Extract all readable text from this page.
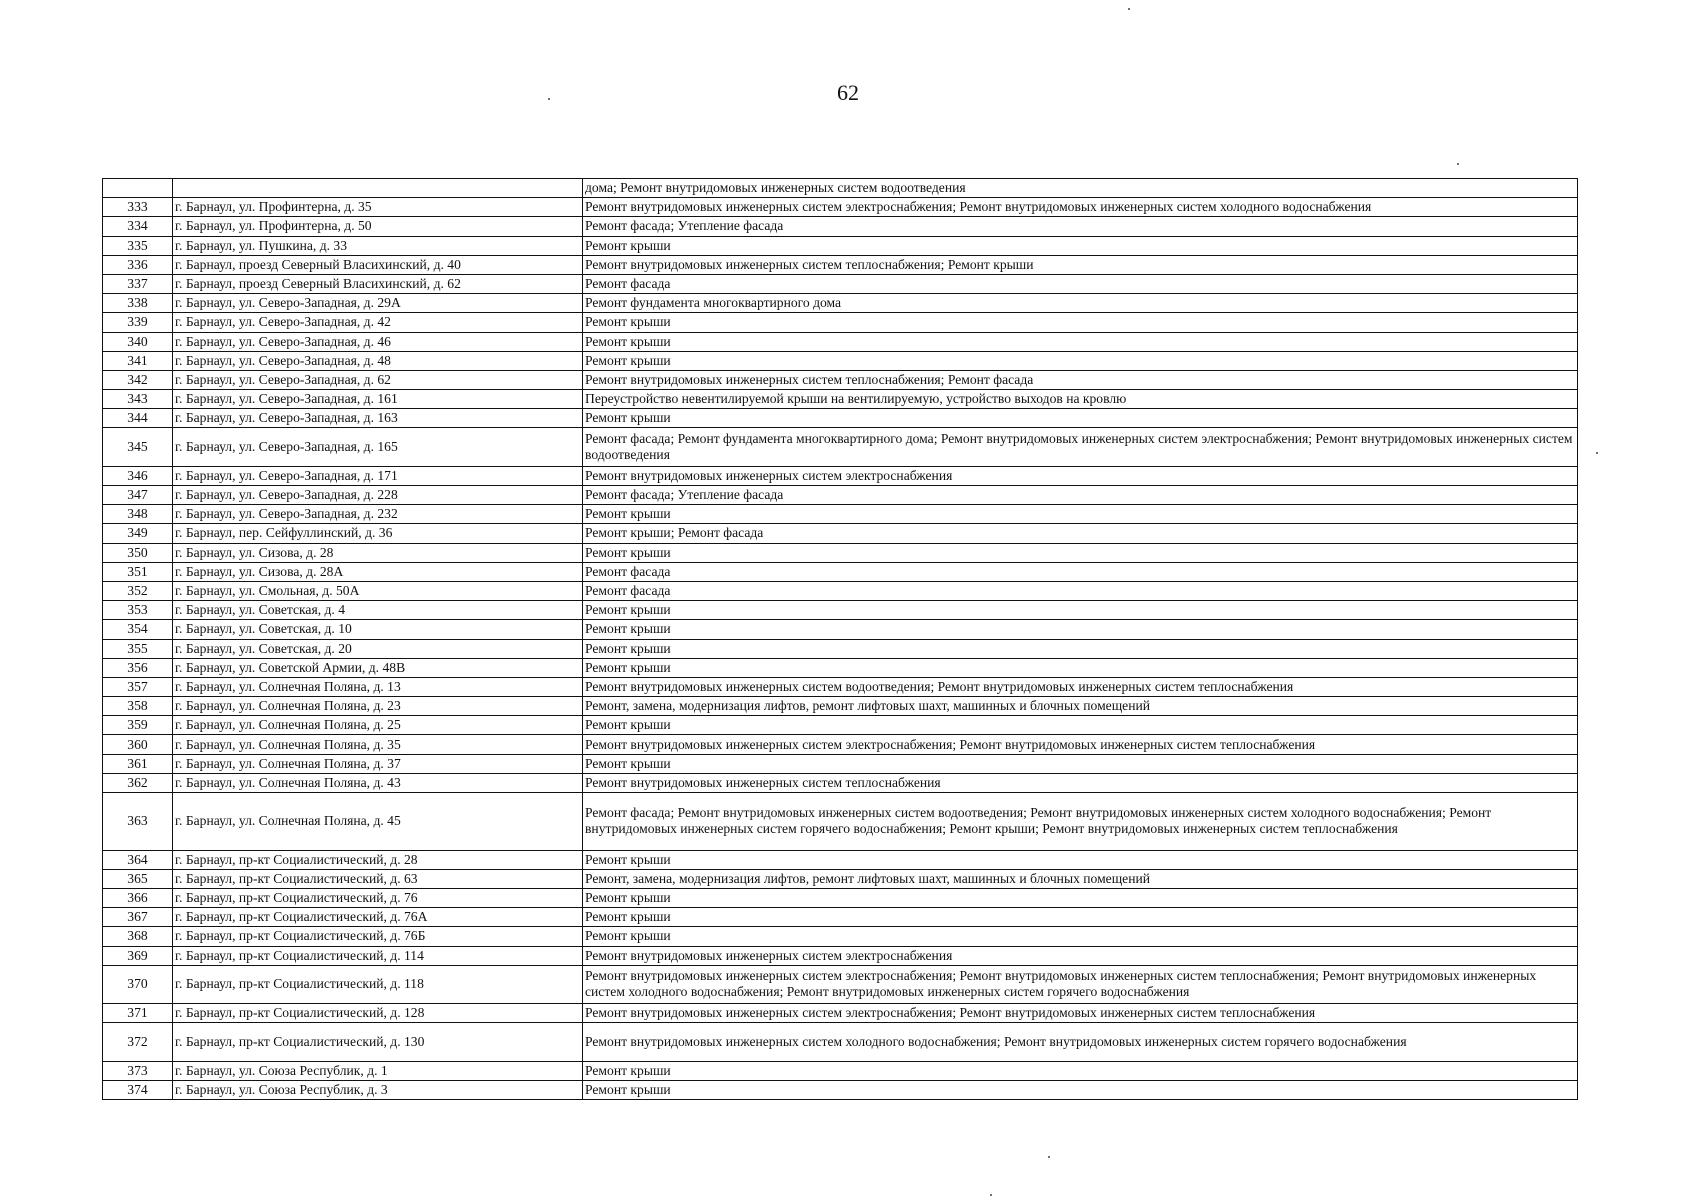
62
		дома; Ремонт внутридомовых инженерных систем водоотведения
333	г. Барнаул, ул. Профинтерна, д. 35	Ремонт внутридомовых инженерных систем электроснабжения; Ремонт внутридомовых инженерных систем холодного водоснабжения
334	г. Барнаул, ул. Профинтерна, д. 50	Ремонт фасада; Утепление фасада
335	г. Барнаул, ул. Пушкина, д. 33	Ремонт крыши
336	г. Барнаул, проезд Северный Власихинский, д. 40	Ремонт внутридомовых инженерных систем теплоснабжения; Ремонт крыши
337	г. Барнаул, проезд Северный Власихинский, д. 62	Ремонт фасада
338	г. Барнаул, ул. Северо-Западная, д. 29А	Ремонт фундамента многоквартирного дома
339	г. Барнаул, ул. Северо-Западная, д. 42	Ремонт крыши
340	г. Барнаул, ул. Северо-Западная, д. 46	Ремонт крыши
341	г. Барнаул, ул. Северо-Западная, д. 48	Ремонт крыши
342	г. Барнаул, ул. Северо-Западная, д. 62	Ремонт внутридомовых инженерных систем теплоснабжения; Ремонт фасада
343	г. Барнаул, ул. Северо-Западная, д. 161	Переустройство невентилируемой крыши на вентилируемую, устройство выходов на кровлю
344	г. Барнаул, ул. Северо-Западная, д. 163	Ремонт крыши
345	г. Барнаул, ул. Северо-Западная, д. 165	Ремонт фасада; Ремонт фундамента многоквартирного дома; Ремонт внутридомовых инженерных систем электроснабжения; Ремонт внутридомовых инженерных систем водоотведения
346	г. Барнаул, ул. Северо-Западная, д. 171	Ремонт внутридомовых инженерных систем электроснабжения
347	г. Барнаул, ул. Северо-Западная, д. 228	Ремонт фасада; Утепление фасада
348	г. Барнаул, ул. Северо-Западная, д. 232	Ремонт крыши
349	г. Барнаул, пер. Сейфуллинский, д. 36	Ремонт крыши; Ремонт фасада
350	г. Барнаул, ул. Сизова, д. 28	Ремонт крыши
351	г. Барнаул, ул. Сизова, д. 28А	Ремонт фасада
352	г. Барнаул, ул. Смольная, д. 50А	Ремонт фасада
353	г. Барнаул, ул. Советская, д. 4	Ремонт крыши
354	г. Барнаул, ул. Советская, д. 10	Ремонт крыши
355	г. Барнаул, ул. Советская, д. 20	Ремонт крыши
356	г. Барнаул, ул. Советской Армии, д. 48В	Ремонт крыши
357	г. Барнаул, ул. Солнечная Поляна, д. 13	Ремонт внутридомовых инженерных систем водоотведения; Ремонт внутридомовых инженерных систем теплоснабжения
358	г. Барнаул, ул. Солнечная Поляна, д. 23	Ремонт, замена, модернизация лифтов, ремонт лифтовых шахт, машинных и блочных помещений
359	г. Барнаул, ул. Солнечная Поляна, д. 25	Ремонт крыши
360	г. Барнаул, ул. Солнечная Поляна, д. 35	Ремонт внутридомовых инженерных систем электроснабжения; Ремонт внутридомовых инженерных систем теплоснабжения
361	г. Барнаул, ул. Солнечная Поляна, д. 37	Ремонт крыши
362	г. Барнаул, ул. Солнечная Поляна, д. 43	Ремонт внутридомовых инженерных систем теплоснабжения
363	г. Барнаул, ул. Солнечная Поляна, д. 45	Ремонт фасада; Ремонт внутридомовых инженерных систем водоотведения; Ремонт внутридомовых инженерных систем холодного водоснабжения; Ремонт внутридомовых инженерных систем горячего водоснабжения; Ремонт крыши; Ремонт внутридомовых инженерных систем теплоснабжения
364	г. Барнаул, пр-кт Социалистический, д. 28	Ремонт крыши
365	г. Барнаул, пр-кт Социалистический, д. 63	Ремонт, замена, модернизация лифтов, ремонт лифтовых шахт, машинных и блочных помещений
366	г. Барнаул, пр-кт Социалистический, д. 76	Ремонт крыши
367	г. Барнаул, пр-кт Социалистический, д. 76А	Ремонт крыши
368	г. Барнаул, пр-кт Социалистический, д. 76Б	Ремонт крыши
369	г. Барнаул, пр-кт Социалистический, д. 114	Ремонт внутридомовых инженерных систем электроснабжения
370	г. Барнаул, пр-кт Социалистический, д. 118	Ремонт внутридомовых инженерных систем электроснабжения; Ремонт внутридомовых инженерных систем теплоснабжения; Ремонт внутридомовых инженерных систем холодного водоснабжения; Ремонт внутридомовых инженерных систем горячего водоснабжения
371	г. Барнаул, пр-кт Социалистический, д. 128	Ремонт внутридомовых инженерных систем электроснабжения; Ремонт внутридомовых инженерных систем теплоснабжения
372	г. Барнаул, пр-кт Социалистический, д. 130	Ремонт внутридомовых инженерных систем холодного водоснабжения; Ремонт внутридомовых инженерных систем горячего водоснабжения
373	г. Барнаул, ул. Союза Республик, д. 1	Ремонт крыши
374	г. Барнаул, ул. Союза Республик, д. 3	Ремонт крыши
